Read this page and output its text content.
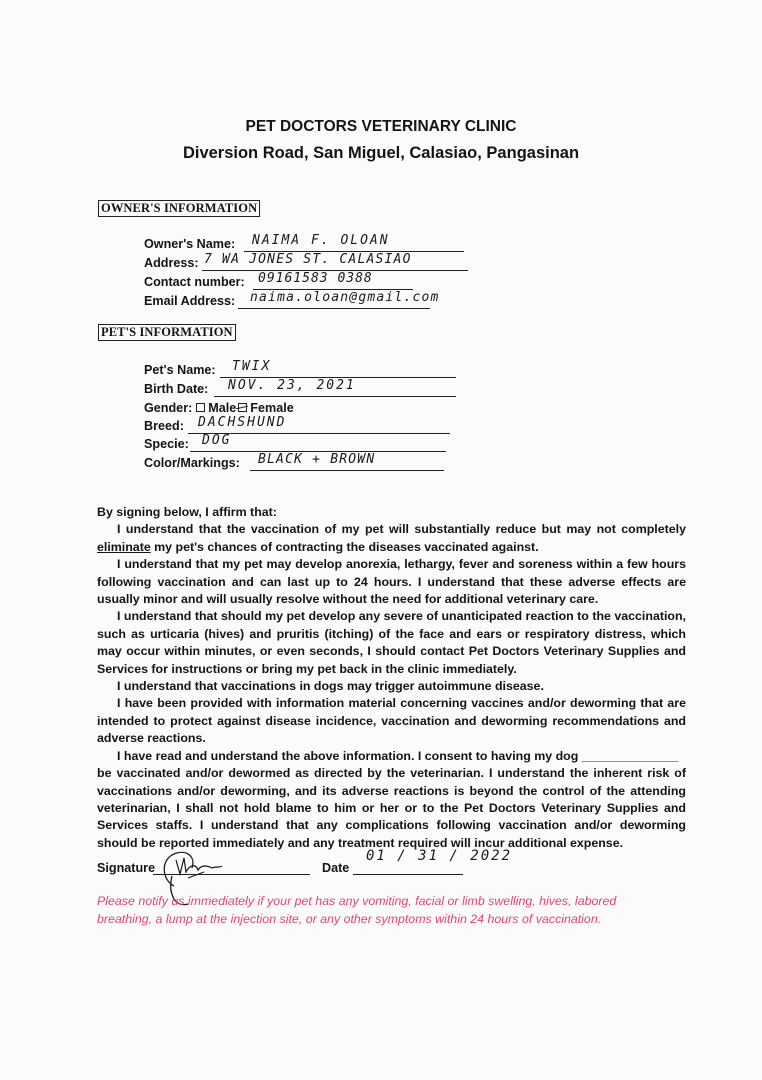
PET DOCTORS VETERINARY CLINIC
Diversion Road, San Miguel, Calasiao, Pangasinan
OWNER'S INFORMATION
Owner's Name: NAIMA F. OLOAN
Address: 7 WA JONES ST. CALASIAO
Contact number: 09161583 0388
Email Address: naima.oloan@gmail.com
PET'S INFORMATION
Pet's Name: TWIX
Birth Date: NOV. 23, 2021
Gender: Male Female
Breed: DACHSHUND
Specie: DOG
Color/Markings: BLACK + BROWN
By signing below, I affirm that:
I understand that the vaccination of my pet will substantially reduce but may not completely eliminate my pet's chances of contracting the diseases vaccinated against.
I understand that my pet may develop anorexia, lethargy, fever and soreness within a few hours following vaccination and can last up to 24 hours. I understand that these adverse effects are usually minor and will usually resolve without the need for additional veterinary care.
I understand that should my pet develop any severe of unanticipated reaction to the vaccination, such as urticaria (hives) and pruritis (itching) of the face and ears or respiratory distress, which may occur within minutes, or even seconds, I should contact Pet Doctors Veterinary Supplies and Services for instructions or bring my pet back in the clinic immediately.
I understand that vaccinations in dogs may trigger autoimmune disease.
I have been provided with information material concerning vaccines and/or deworming that are intended to protect against disease incidence, vaccination and deworming recommendations and adverse reactions.
I have read and understand the above information. I consent to having my dog ______________
be vaccinated and/or dewormed as directed by the veterinarian. I understand the inherent risk of vaccinations and/or deworming, and its adverse reactions is beyond the control of the attending veterinarian, I shall not hold blame to him or her or to the Pet Doctors Veterinary Supplies and Services staffs. I understand that any complications following vaccination and/or deworming should be reported immediately and any treatment required will incur additional expense.
Signature	Date
01 / 31 / 2022
Please notify us immediately if your pet has any vomiting, facial or limb swelling, hives, labored breathing, a lump at the injection site, or any other symptoms within 24 hours of vaccination.
